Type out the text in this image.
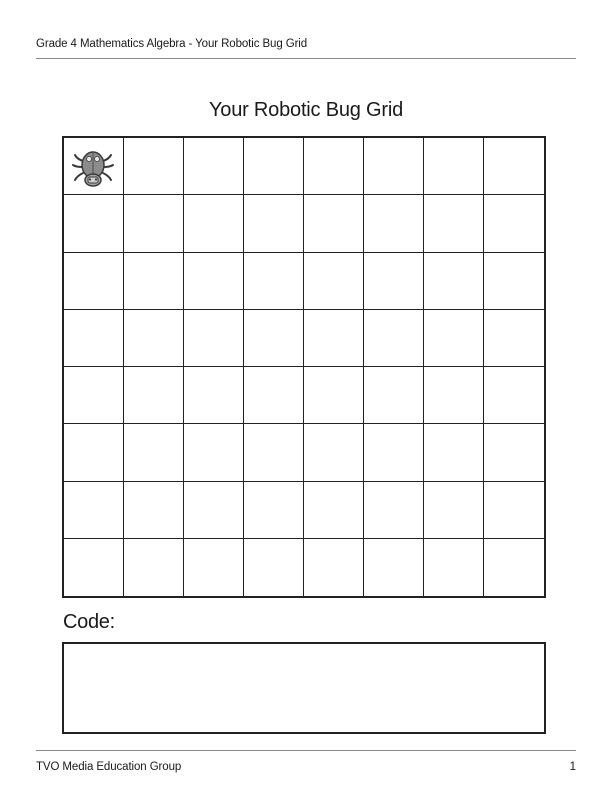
Grade 4 Mathematics Algebra - Your Robotic Bug Grid
Your Robotic Bug Grid
Code:
TVO Media Education Group	1
